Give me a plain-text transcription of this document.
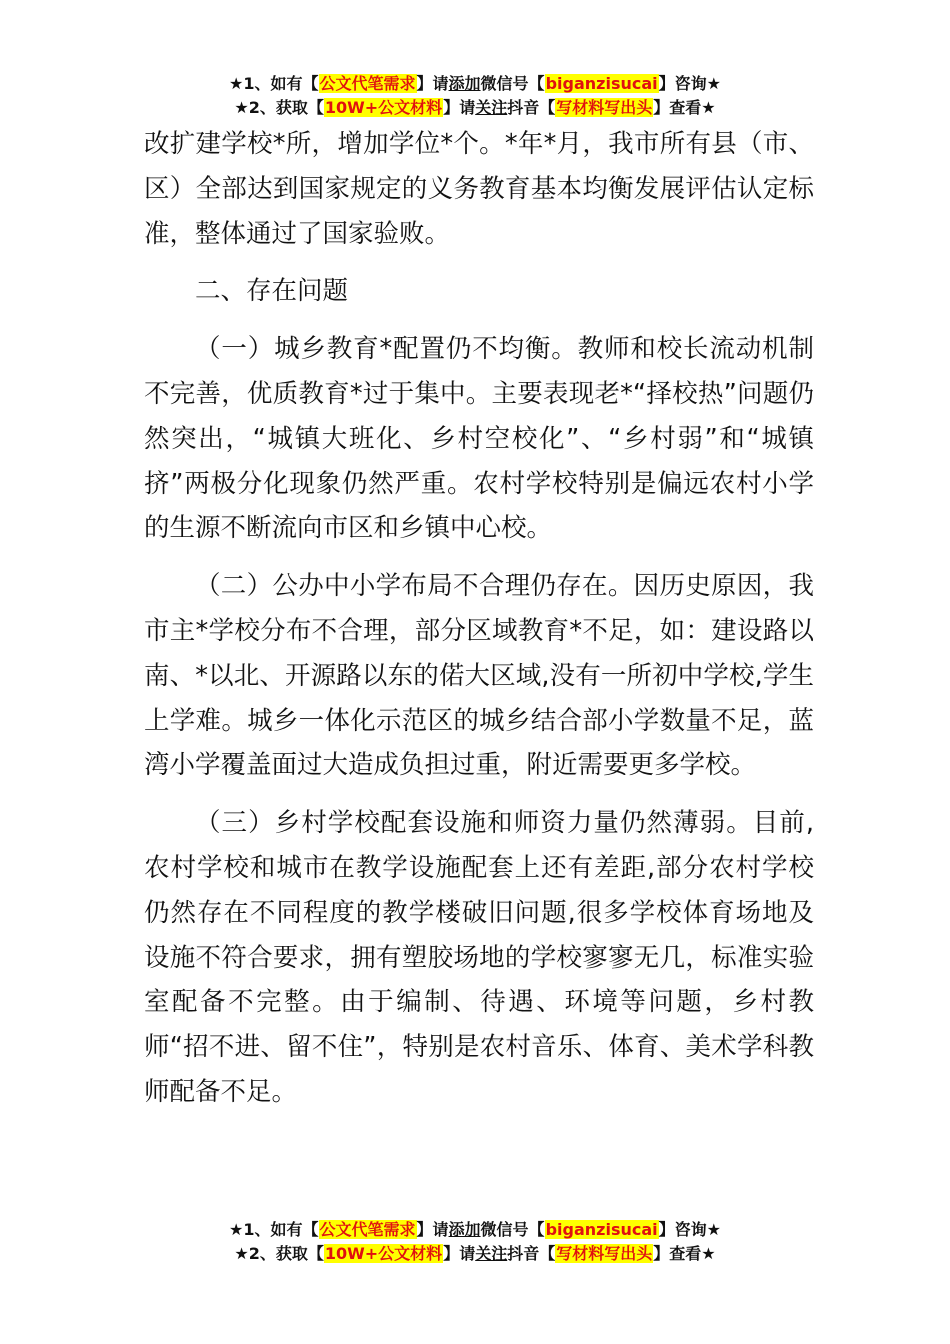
★1、如有【公文代笔需求】请添加微信号【biganzisucai】咨询★
★2、获取【10W+公文材料】请关注抖音【写材料写出头】查看★

改扩建学校*所，增加学位*个。*年*月，我市所有县（市、区）全部达到国家规定的义务教育基本均衡发展评估认定标准，整体通过了国家验败。

二、存在问题

（一）城乡教育*配置仍不均衡。教师和校长流动机制不完善，优质教育*过于集中。主要表现老*“择校热”问题仍然突出，“城镇大班化、乡村空校化”、“乡村弱”和“城镇挤”两极分化现象仍然严重。农村学校特别是偏远农村小学的生源不断流向市区和乡镇中心校。

（二）公办中小学布局不合理仍存在。因历史原因，我市主*学校分布不合理，部分区域教育*不足，如：建设路以南、*以北、开源路以东的偌大区域,没有一所初中学校,学生上学难。城乡一体化示范区的城乡结合部小学数量不足，蓝湾小学覆盖面过大造成负担过重，附近需要更多学校。

（三）乡村学校配套设施和师资力量仍然薄弱。目前,农村学校和城市在教学设施配套上还有差距,部分农村学校仍然存在不同程度的教学楼破旧问题,很多学校体育场地及设施不符合要求，拥有塑胶场地的学校寥寥无几，标准实验室配备不完整。由于编制、待遇、环境等问题，乡村教师“招不进、留不住”，特别是农村音乐、体育、美术学科教师配备不足。

★1、如有【公文代笔需求】请添加微信号【biganzisucai】咨询★
★2、获取【10W+公文材料】请关注抖音【写材料写出头】查看★
